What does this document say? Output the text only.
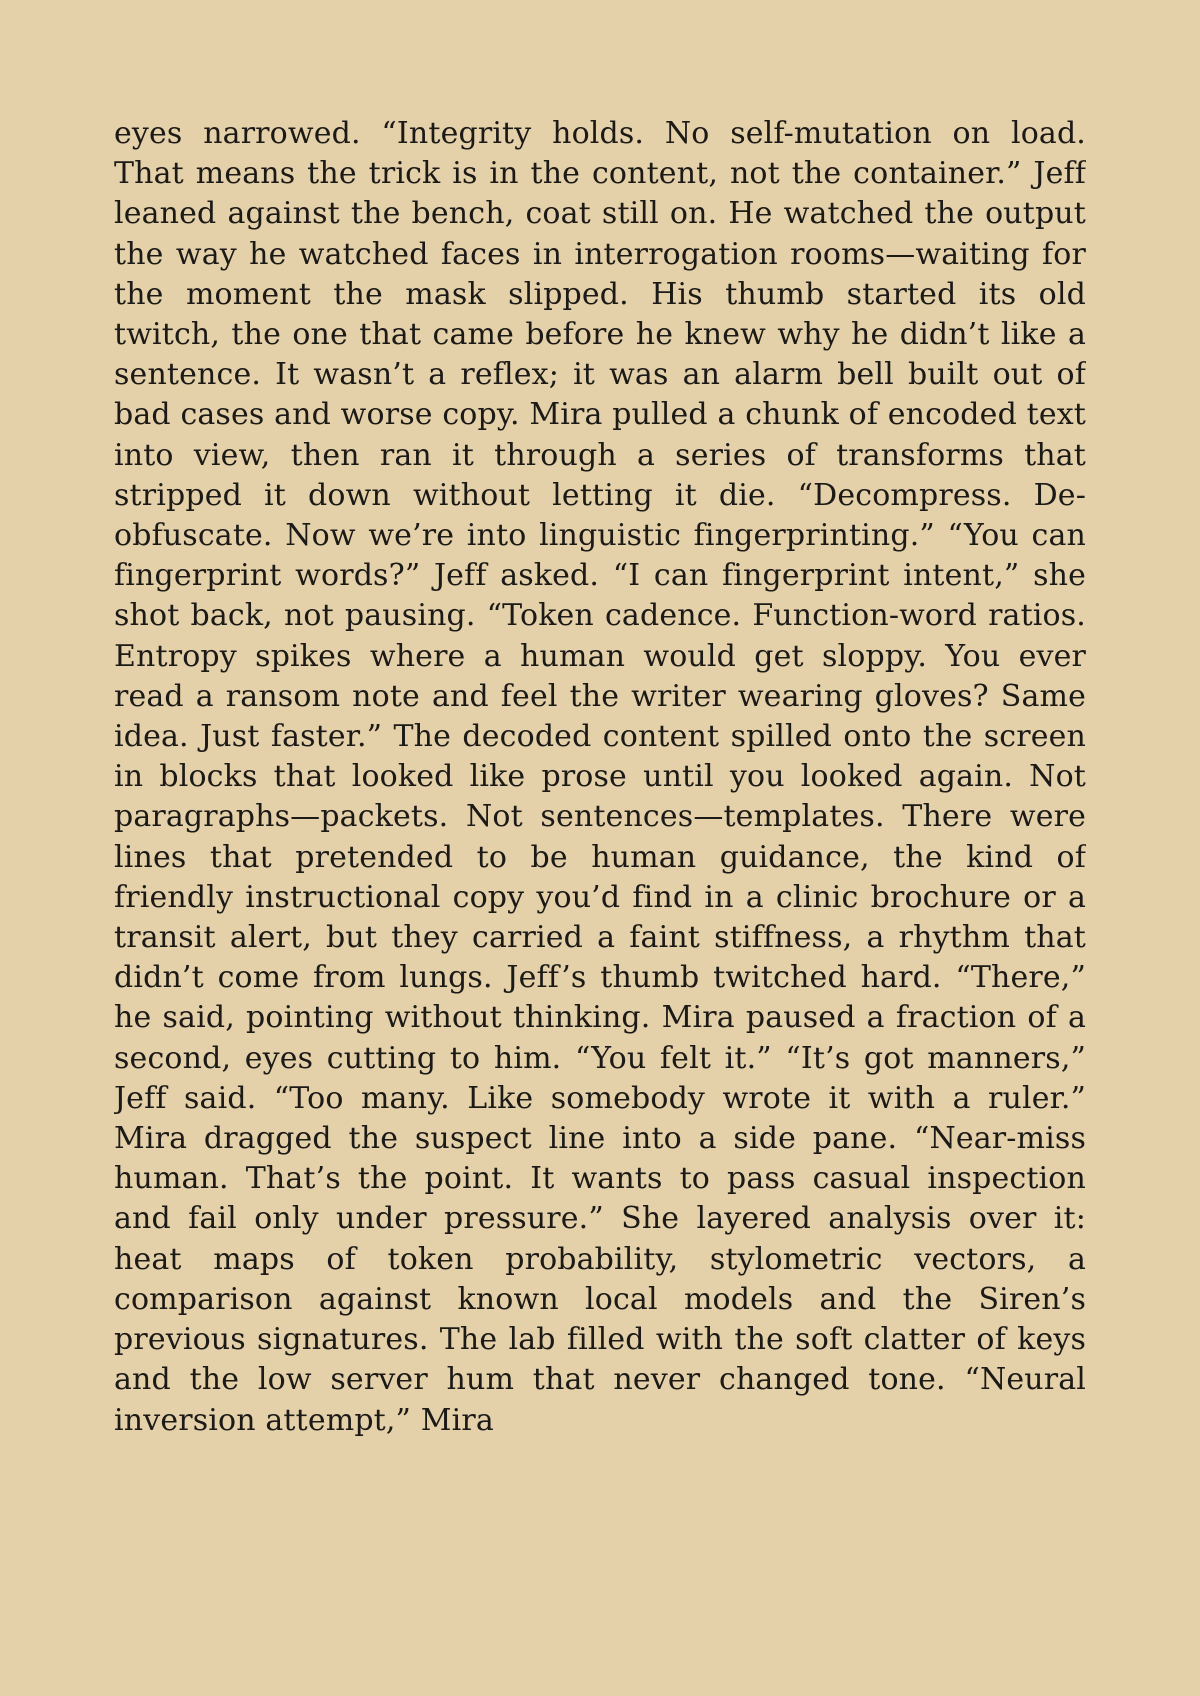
eyes narrowed. “Integrity holds. No self-mutation on load. That means the trick is in the content, not the container.” Jeff leaned against the bench, coat still on. He watched the output the way he watched faces in interrogation rooms—waiting for the moment the mask slipped. His thumb started its old twitch, the one that came before he knew why he didn’t like a sentence. It wasn’t a reflex; it was an alarm bell built out of bad cases and worse copy. Mira pulled a chunk of encoded text into view, then ran it through a series of transforms that stripped it down without letting it die. “Decompress. De-obfuscate. Now we’re into linguistic fingerprinting.” “You can fingerprint words?” Jeff asked. “I can fingerprint intent,” she shot back, not pausing. “Token cadence. Function-word ratios. Entropy spikes where a human would get sloppy. You ever read a ransom note and feel the writer wearing gloves? Same idea. Just faster.” The decoded content spilled onto the screen in blocks that looked like prose until you looked again. Not paragraphs—packets. Not sentences—templates. There were lines that pretended to be human guidance, the kind of friendly instructional copy you’d find in a clinic brochure or a transit alert, but they carried a faint stiffness, a rhythm that didn’t come from lungs. Jeff’s thumb twitched hard. “There,” he said, pointing without thinking. Mira paused a fraction of a second, eyes cutting to him. “You felt it.” “It’s got manners,” Jeff said. “Too many. Like somebody wrote it with a ruler.” Mira dragged the suspect line into a side pane. “Near-miss human. That’s the point. It wants to pass casual inspection and fail only under pressure.” She layered analysis over it: heat maps of token probability, stylometric vectors, a comparison against known local models and the Siren’s previous signatures. The lab filled with the soft clatter of keys and the low server hum that never changed tone. “Neural inversion attempt,” Mira
